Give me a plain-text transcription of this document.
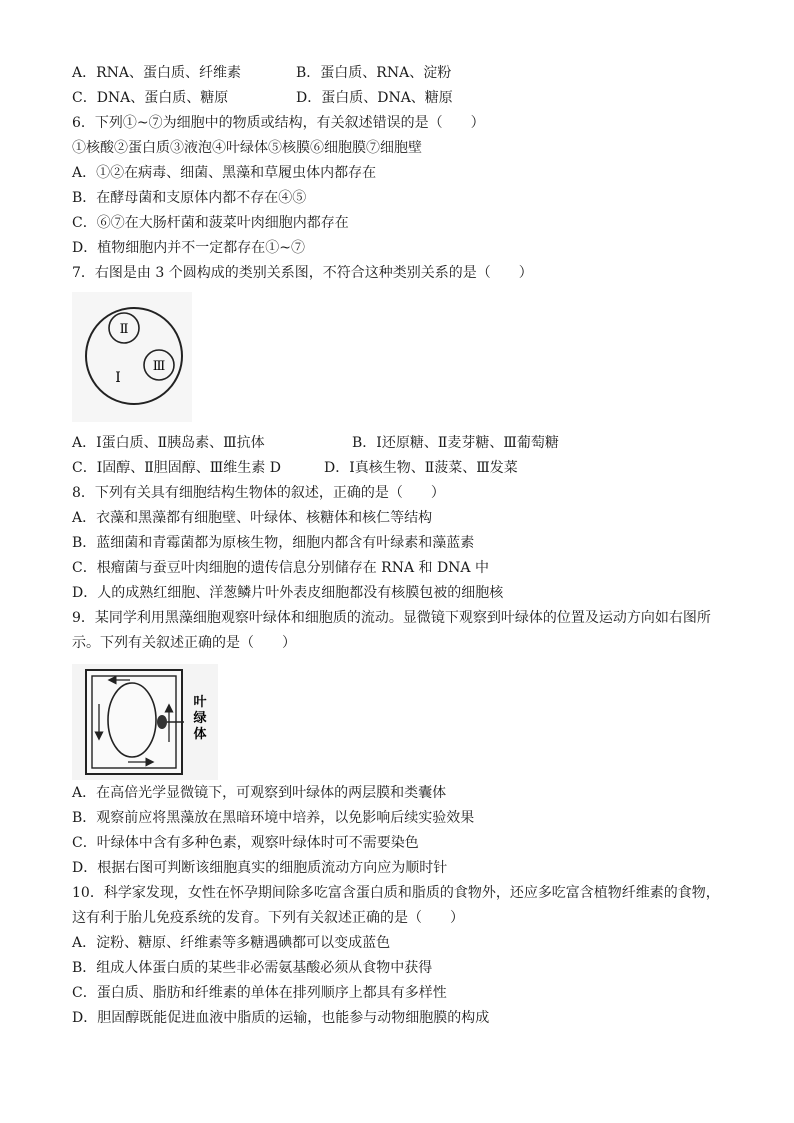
A．RNA、蛋白质、纤维素	B．蛋白质、RNA、淀粉
C．DNA、蛋白质、糖原	D．蛋白质、DNA、糖原
6．下列①~⑦为细胞中的物质或结构，有关叙述错误的是（　　）
①核酸②蛋白质③液泡④叶绿体⑤核膜⑥细胞膜⑦细胞壁
A．①②在病毒、细菌、黑藻和草履虫体内都存在
B．在酵母菌和支原体内都不存在④⑤
C．⑥⑦在大肠杆菌和菠菜叶肉细胞内都存在
D．植物细胞内并不一定都存在①~⑦
7．右图是由 3 个圆构成的类别关系图，不符合这种类别关系的是（　　）
Ⅱ
Ⅲ
Ⅰ
A．Ⅰ蛋白质、Ⅱ胰岛素、Ⅲ抗体	B．Ⅰ还原糖、Ⅱ麦芽糖、Ⅲ葡萄糖
C．Ⅰ固醇、Ⅱ胆固醇、Ⅲ维生素 D	D．Ⅰ真核生物、Ⅱ菠菜、Ⅲ发菜
8．下列有关具有细胞结构生物体的叙述，正确的是（　　）
A．衣藻和黑藻都有细胞壁、叶绿体、核糖体和核仁等结构
B．蓝细菌和青霉菌都为原核生物，细胞内都含有叶绿素和藻蓝素
C．根瘤菌与蚕豆叶肉细胞的遗传信息分别储存在 RNA 和 DNA 中
D．人的成熟红细胞、洋葱鳞片叶外表皮细胞都没有核膜包被的细胞核
9．某同学利用黑藻细胞观察叶绿体和细胞质的流动。显微镜下观察到叶绿体的位置及运动方向如右图所
示。下列有关叙述正确的是（　　）
叶
绿
体
A．在高倍光学显微镜下，可观察到叶绿体的两层膜和类囊体
B．观察前应将黑藻放在黑暗环境中培养，以免影响后续实验效果
C．叶绿体中含有多种色素，观察叶绿体时可不需要染色
D．根据右图可判断该细胞真实的细胞质流动方向应为顺时针
10．科学家发现，女性在怀孕期间除多吃富含蛋白质和脂质的食物外，还应多吃富含植物纤维素的食物，
这有利于胎儿免疫系统的发育。下列有关叙述正确的是（　　）
A．淀粉、糖原、纤维素等多糖遇碘都可以变成蓝色
B．组成人体蛋白质的某些非必需氨基酸必须从食物中获得
C．蛋白质、脂肪和纤维素的单体在排列顺序上都具有多样性
D．胆固醇既能促进血液中脂质的运输，也能参与动物细胞膜的构成
